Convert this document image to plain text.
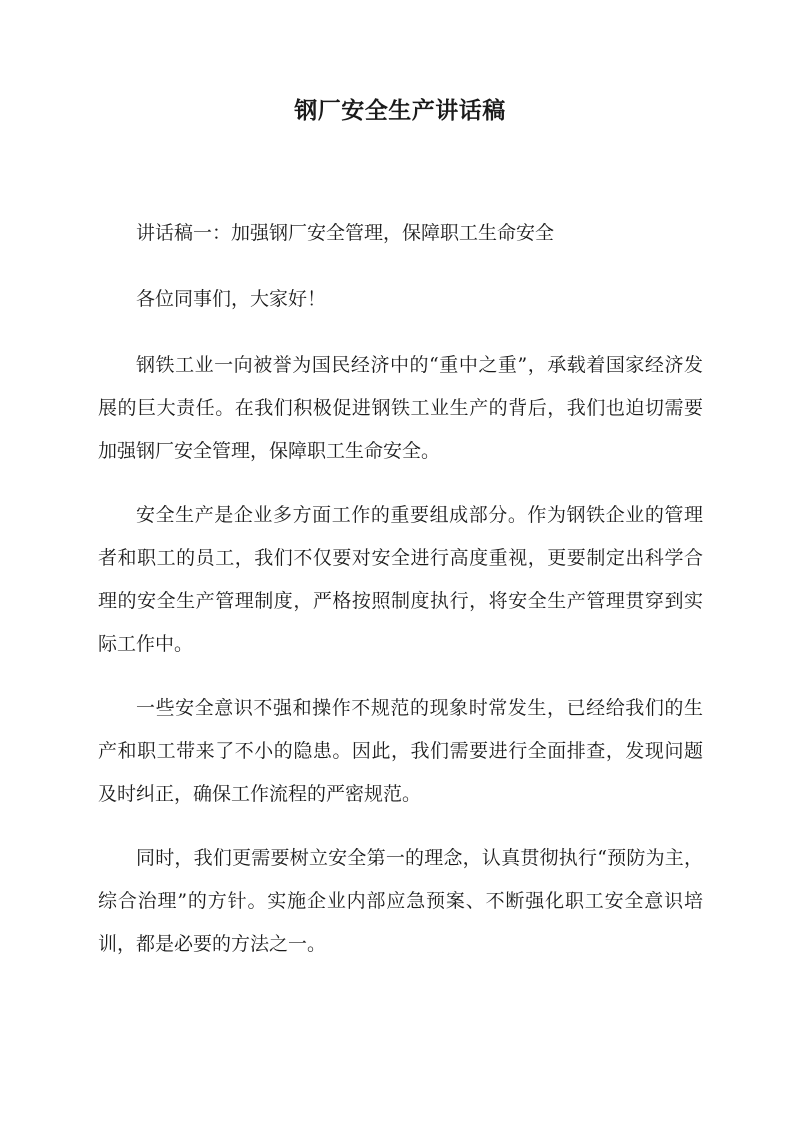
钢厂安全生产讲话稿

讲话稿一：加强钢厂安全管理，保障职工生命安全

各位同事们，大家好！

钢铁工业一向被誉为国民经济中的“重中之重”，承载着国家经济发展的巨大责任。在我们积极促进钢铁工业生产的背后，我们也迫切需要加强钢厂安全管理，保障职工生命安全。

安全生产是企业多方面工作的重要组成部分。作为钢铁企业的管理者和职工的员工，我们不仅要对安全进行高度重视，更要制定出科学合理的安全生产管理制度，严格按照制度执行，将安全生产管理贯穿到实际工作中。

一些安全意识不强和操作不规范的现象时常发生，已经给我们的生产和职工带来了不小的隐患。因此，我们需要进行全面排查，发现问题及时纠正，确保工作流程的严密规范。

同时，我们更需要树立安全第一的理念，认真贯彻执行“预防为主，综合治理”的方针。实施企业内部应急预案、不断强化职工安全意识培训，都是必要的方法之一。
